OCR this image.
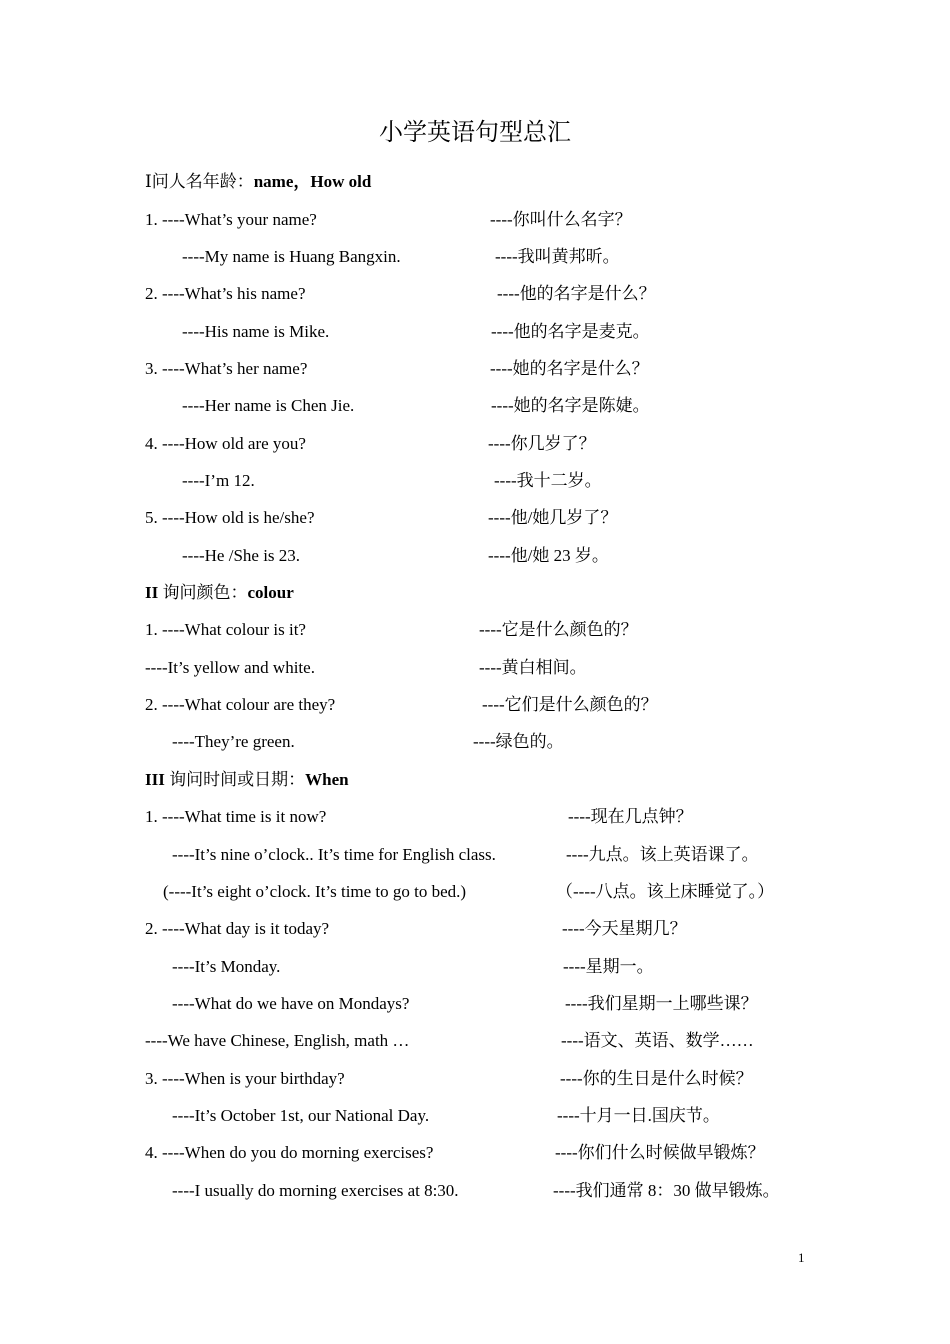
小学英语句型总汇
Ⅰ问人名年龄：name，How old
1. ----What’s your name?	----你叫什么名字？
----My name is Huang Bangxin.	----我叫黄邦昕。
2. ----What’s his name?	----他的名字是什么？
----His name is Mike.	----他的名字是麦克。
3. ----What’s her name?	----她的名字是什么？
----Her name is Chen Jie.	----她的名字是陈婕。
4. ----How old are you?	----你几岁了？
----I’m 12.	----我十二岁。
5. ----How old is he/she?	----他/她几岁了？
----He /She is 23.	----他/她 23 岁。
II 询问颜色：colour
1. ----What colour is it?	----它是什么颜色的？
----It’s yellow and white.	----黄白相间。
2. ----What colour are they?	----它们是什么颜色的？
----They’re green.	----绿色的。
III 询问时间或日期：When
1. ----What time is it now?	----现在几点钟？
----It’s nine o’clock.. It’s time for English class.	----九点。该上英语课了。
(----It’s eight o’clock. It’s time to go to bed.)	（----八点。该上床睡觉了。）
2. ----What day is it today?	----今天星期几？
----It’s Monday.	----星期一。
----What do we have on Mondays?	----我们星期一上哪些课？
----We have Chinese, English, math …	----语文、英语、数学……
3. ----When is your birthday?	----你的生日是什么时候？
----It’s October 1st, our National Day.	----十月一日.国庆节。
4. ----When do you do morning exercises?	----你们什么时候做早锻炼？
----I usually do morning exercises at 8:30.	----我们通常 8：30 做早锻炼。
1
